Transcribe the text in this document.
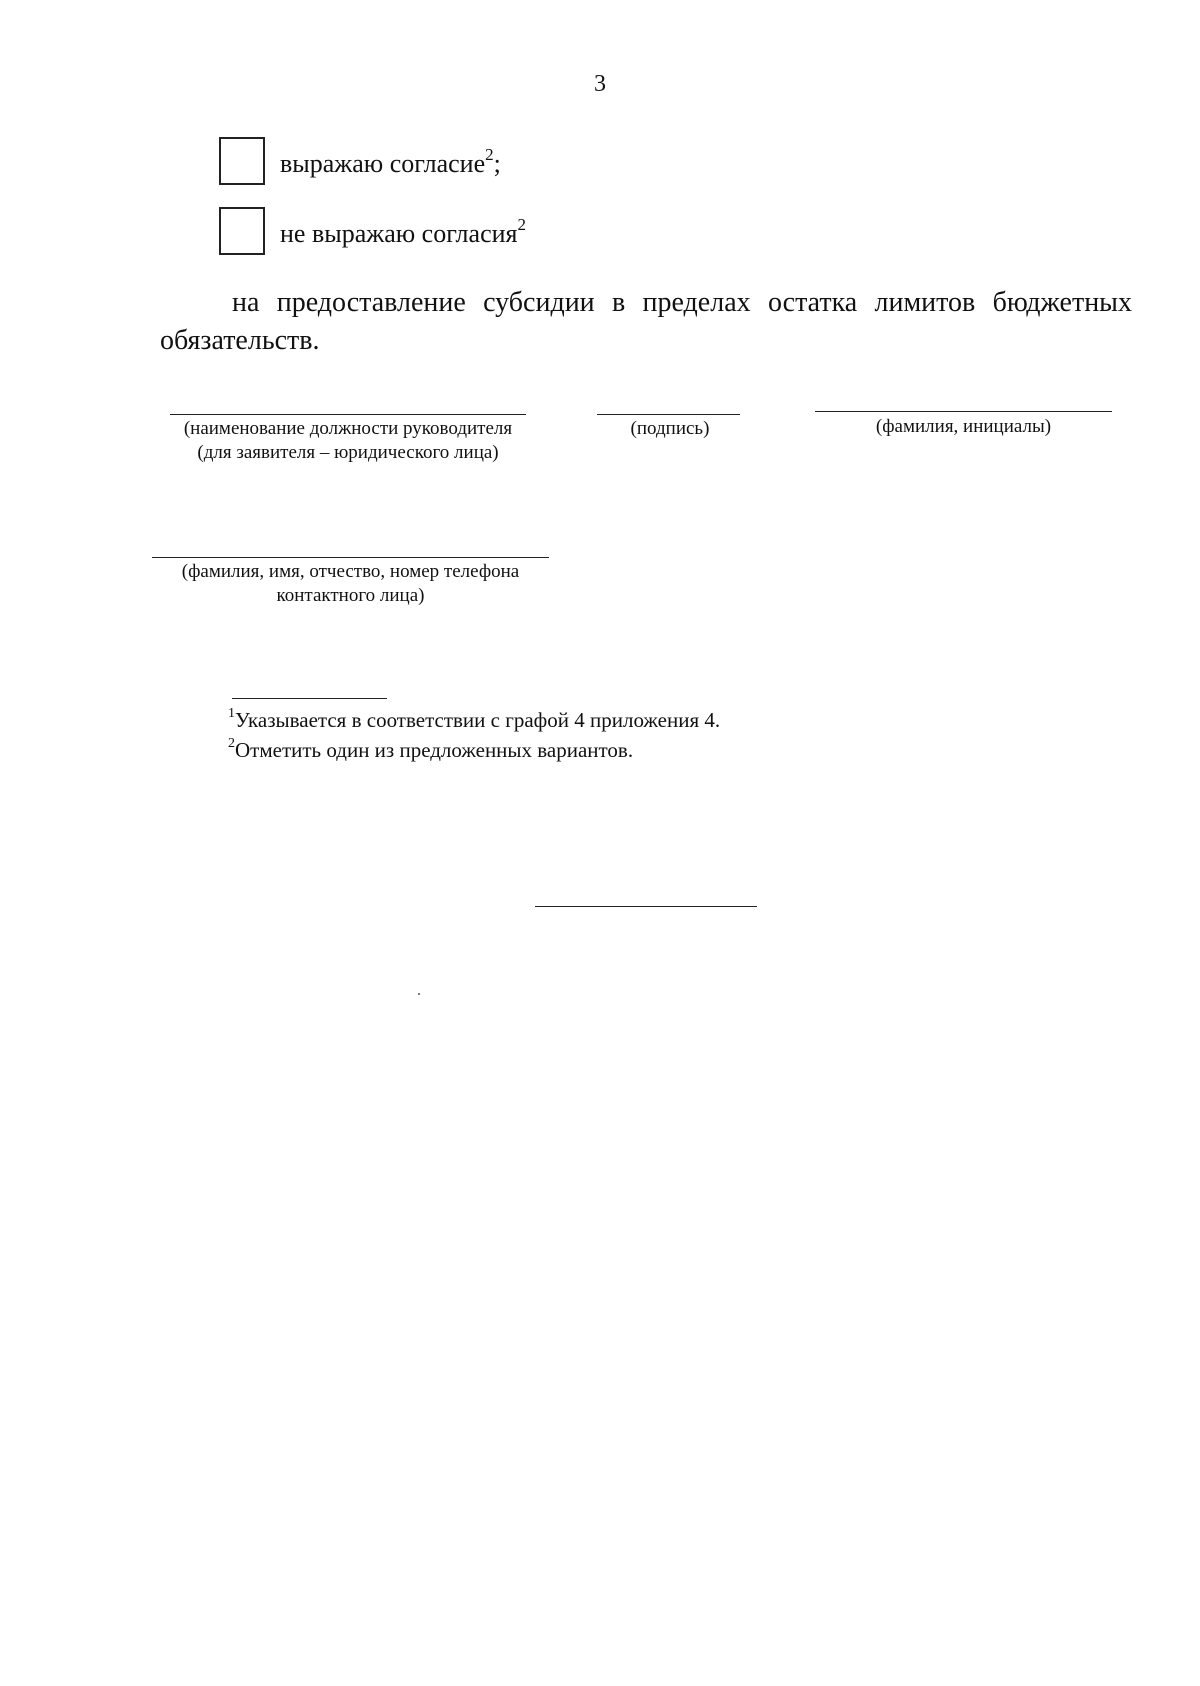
3
выражаю согласие$^2$;
не выражаю согласия$^2$
на предоставление субсидии в пределах остатка лимитов бюджетных
обязательств.
(наименование должности руководителя
(для заявителя – юридического лица)
(подпись)	(фамилия, инициалы)
(фамилия, имя, отчество, номер телефона
контактного лица)
$^1$Указывается в соответствии с графой 4 приложения 4.
$^2$Отметить один из предложенных вариантов.
